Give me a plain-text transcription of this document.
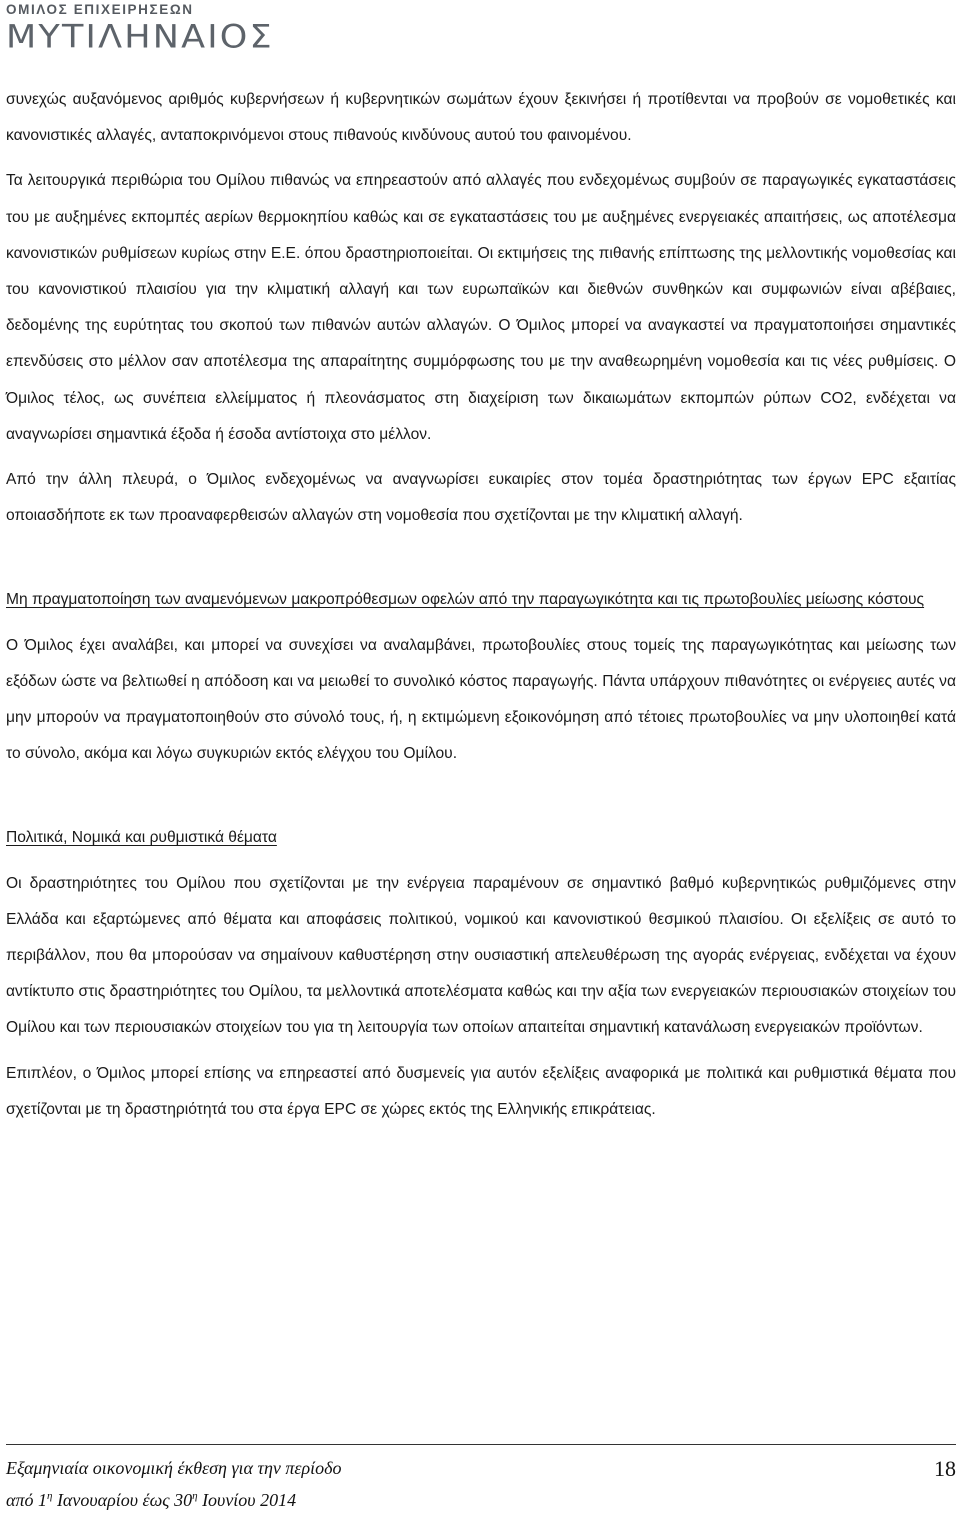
ΟΜΙΛΟΣ ΕΠΙΧΕΙΡΗΣΕΩΝ
ΜΥΤΙΛΗΝΑΙΟΣ

συνεχώς αυξανόμενος αριθμός κυβερνήσεων ή κυβερνητικών σωμάτων έχουν ξεκινήσει ή προτίθενται να προβούν σε νομοθετικές και κανονιστικές αλλαγές, ανταποκρινόμενοι στους πιθανούς κινδύνους αυτού του φαινομένου.

Τα λειτουργικά περιθώρια του Ομίλου πιθανώς να επηρεαστούν από αλλαγές που ενδεχομένως συμβούν σε παραγωγικές εγκαταστάσεις του με αυξημένες εκπομπές αερίων θερμοκηπίου καθώς και σε εγκαταστάσεις του με αυξημένες ενεργειακές απαιτήσεις, ως αποτέλεσμα κανονιστικών ρυθμίσεων κυρίως στην Ε.Ε. όπου δραστηριοποιείται. Οι εκτιμήσεις της πιθανής επίπτωσης της μελλοντικής νομοθεσίας και του κανονιστικού πλαισίου για την κλιματική αλλαγή και των ευρωπαϊκών και διεθνών συνθηκών και συμφωνιών είναι αβέβαιες, δεδομένης της ευρύτητας του σκοπού των πιθανών αυτών αλλαγών. Ο Όμιλος μπορεί να αναγκαστεί να πραγματοποιήσει σημαντικές επενδύσεις στο μέλλον σαν αποτέλεσμα της απαραίτητης συμμόρφωσης του με την αναθεωρημένη νομοθεσία και τις νέες ρυθμίσεις. Ο Όμιλος τέλος, ως συνέπεια ελλείμματος ή πλεονάσματος στη διαχείριση των δικαιωμάτων εκπομπών ρύπων CO2, ενδέχεται να αναγνωρίσει σημαντικά έξοδα ή έσοδα αντίστοιχα στο μέλλον.

Από την άλλη πλευρά, ο Όμιλος ενδεχομένως να αναγνωρίσει ευκαιρίες στον τομέα δραστηριότητας των έργων EPC εξαιτίας οποιασδήποτε εκ των προαναφερθεισών αλλαγών στη νομοθεσία που σχετίζονται με την κλιματική αλλαγή.

Μη πραγματοποίηση των αναμενόμενων μακροπρόθεσμων οφελών από την παραγωγικότητα και τις πρωτοβουλίες μείωσης κόστους

Ο Όμιλος έχει αναλάβει, και μπορεί να συνεχίσει να αναλαμβάνει, πρωτοβουλίες στους τομείς της παραγωγικότητας και μείωσης των εξόδων ώστε να βελτιωθεί η απόδοση και να μειωθεί το συνολικό κόστος παραγωγής. Πάντα υπάρχουν πιθανότητες οι ενέργειες αυτές να μην μπορούν να πραγματοποιηθούν στο σύνολό τους, ή, η εκτιμώμενη εξοικονόμηση από τέτοιες πρωτοβουλίες να μην υλοποιηθεί κατά το σύνολο, ακόμα και λόγω συγκυριών εκτός ελέγχου του Ομίλου.

Πολιτικά, Νομικά και ρυθμιστικά θέματα

Οι δραστηριότητες του Ομίλου που σχετίζονται με την ενέργεια παραμένουν σε σημαντικό βαθμό κυβερνητικώς ρυθμιζόμενες στην Ελλάδα και εξαρτώμενες από θέματα και αποφάσεις πολιτικού, νομικού και κανονιστικού θεσμικού πλαισίου. Οι εξελίξεις σε αυτό το περιβάλλον, που θα μπορούσαν να σημαίνουν καθυστέρηση στην ουσιαστική απελευθέρωση της αγοράς ενέργειας, ενδέχεται να έχουν αντίκτυπο στις δραστηριότητες του Ομίλου, τα μελλοντικά αποτελέσματα καθώς και την αξία των ενεργειακών περιουσιακών στοιχείων του Ομίλου και των περιουσιακών στοιχείων του για τη λειτουργία των οποίων απαιτείται σημαντική κατανάλωση ενεργειακών προϊόντων.

Επιπλέον, ο Όμιλος μπορεί επίσης να επηρεαστεί από δυσμενείς για αυτόν εξελίξεις αναφορικά με πολιτικά και ρυθμιστικά θέματα που σχετίζονται με τη δραστηριότητά του στα έργα EPC σε χώρες εκτός της Ελληνικής επικράτειας.

Εξαμηνιαία οικονομική έκθεση για την περίοδο
από $1^\eta$ Ιανουαρίου έως $30^\eta$ Ιουνίου 2014
18
